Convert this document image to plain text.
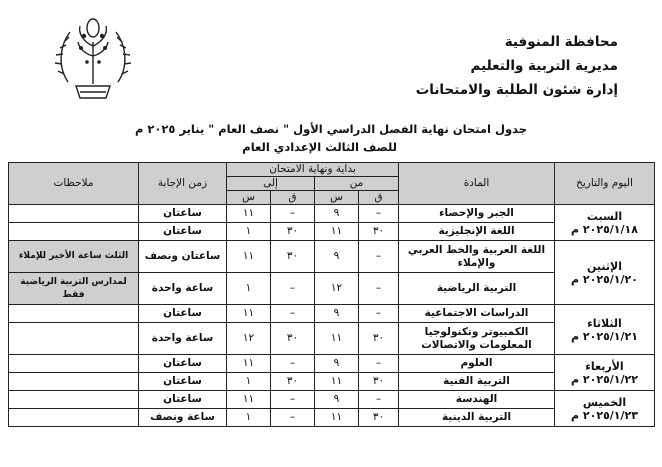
محافظة المنوفية
مديرية التربية والتعليم
إدارة شئون الطلبة والامتحانات
جدول امتحان نهاية الفصل الدراسي الأول " نصف العام " يناير ٢٠٢٥ م
للصف الثالث الإعدادي العام
اليوم والتاريخ	المادة	بداية ونهاية الامتحان				زمن الإجابة	ملاحظات
		من		إلى			
		ق	س	ق	س		

السبت
٢٠٢٥/١/١٨ م	الجبر والإحصاء	–	٩	–	١١	ساعتان	
	اللغة الإنجليزية	٣٠	١١	٣٠	١	ساعتان	

الإثنين
٢٠٢٥/١/٢٠ م	اللغة العربية والخط العربي والإملاء	–	٩	٣٠	١١	ساعتان ونصف	الثلث ساعة الأخير للإملاء
	التربية الرياضية	–	١٢	–	١	ساعة واحدة	لمدارس التربية الرياضية فقط

الثلاثاء
٢٠٢٥/١/٢١ م	الدراسات الاجتماعية	–	٩	–	١١	ساعتان	
	الكمبيوتر وتكنولوجيا المعلومات والاتصالات	٣٠	١١	٣٠	١٢	ساعة واحدة	

الأربعاء
٢٠٢٥/١/٢٢ م	العلوم	–	٩	–	١١	ساعتان	
	التربية الفنية	٣٠	١١	٣٠	١	ساعتان	

الخميس
٢٠٢٥/١/٢٣ م	الهندسة	–	٩	–	١١	ساعتان	
	التربية الدينية	٣٠	١١	–	١	ساعة ونصف	
